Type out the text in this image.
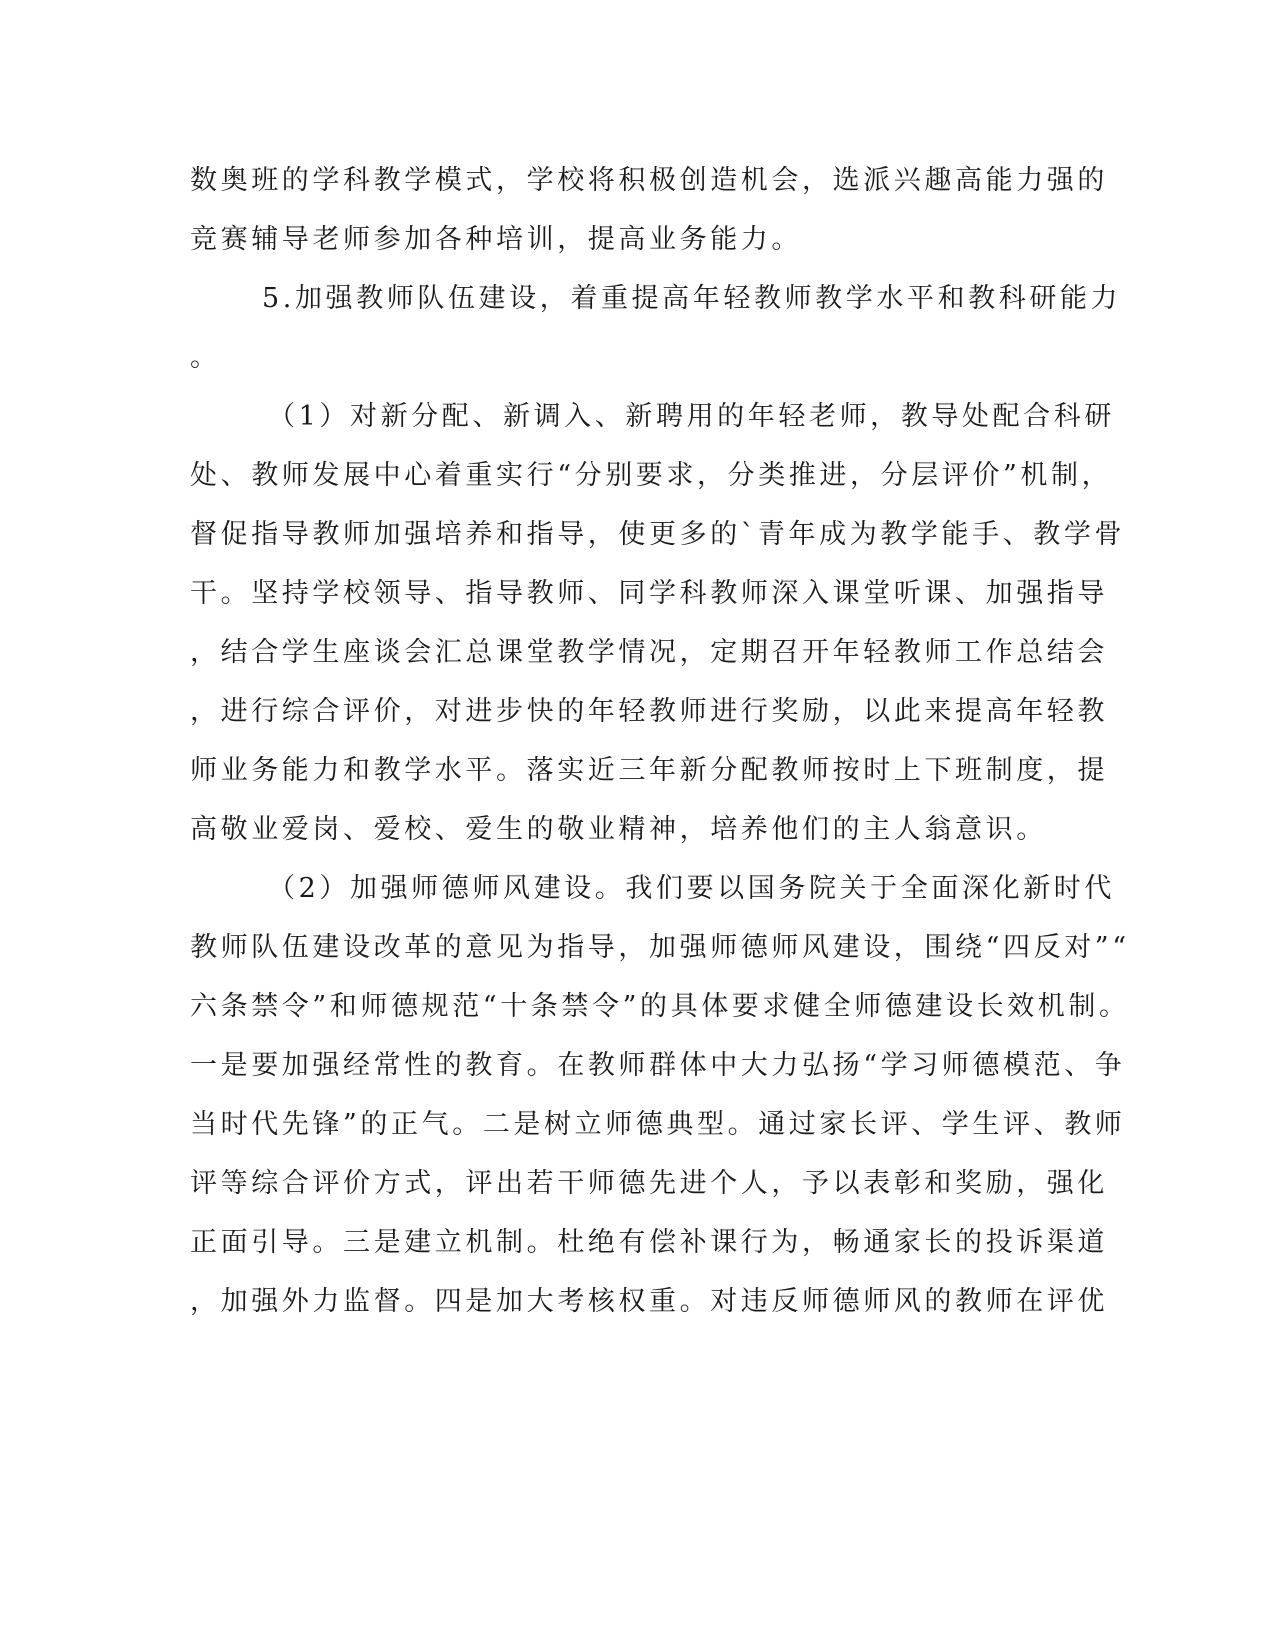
数奥班的学科教学模式，学校将积极创造机会，选派兴趣高能力强的
竞赛辅导老师参加各种培训，提高业务能力。
5.加强教师队伍建设，着重提高年轻教师教学水平和教科研能力
。
（1）对新分配、新调入、新聘用的年轻老师，教导处配合科研
处、教师发展中心着重实行“分别要求，分类推进，分层评价”机制，
督促指导教师加强培养和指导，使更多的`青年成为教学能手、教学骨
干。坚持学校领导、指导教师、同学科教师深入课堂听课、加强指导
，结合学生座谈会汇总课堂教学情况，定期召开年轻教师工作总结会
，进行综合评价，对进步快的年轻教师进行奖励，以此来提高年轻教
师业务能力和教学水平。落实近三年新分配教师按时上下班制度，提
高敬业爱岗、爱校、爱生的敬业精神，培养他们的主人翁意识。
（2）加强师德师风建设。我们要以国务院关于全面深化新时代
教师队伍建设改革的意见为指导，加强师德师风建设，围绕“四反对”“
六条禁令”和师德规范“十条禁令”的具体要求健全师德建设长效机制。
一是要加强经常性的教育。在教师群体中大力弘扬“学习师德模范、争
当时代先锋”的正气。二是树立师德典型。通过家长评、学生评、教师
评等综合评价方式，评出若干师德先进个人，予以表彰和奖励，强化
正面引导。三是建立机制。杜绝有偿补课行为，畅通家长的投诉渠道
，加强外力监督。四是加大考核权重。对违反师德师风的教师在评优
